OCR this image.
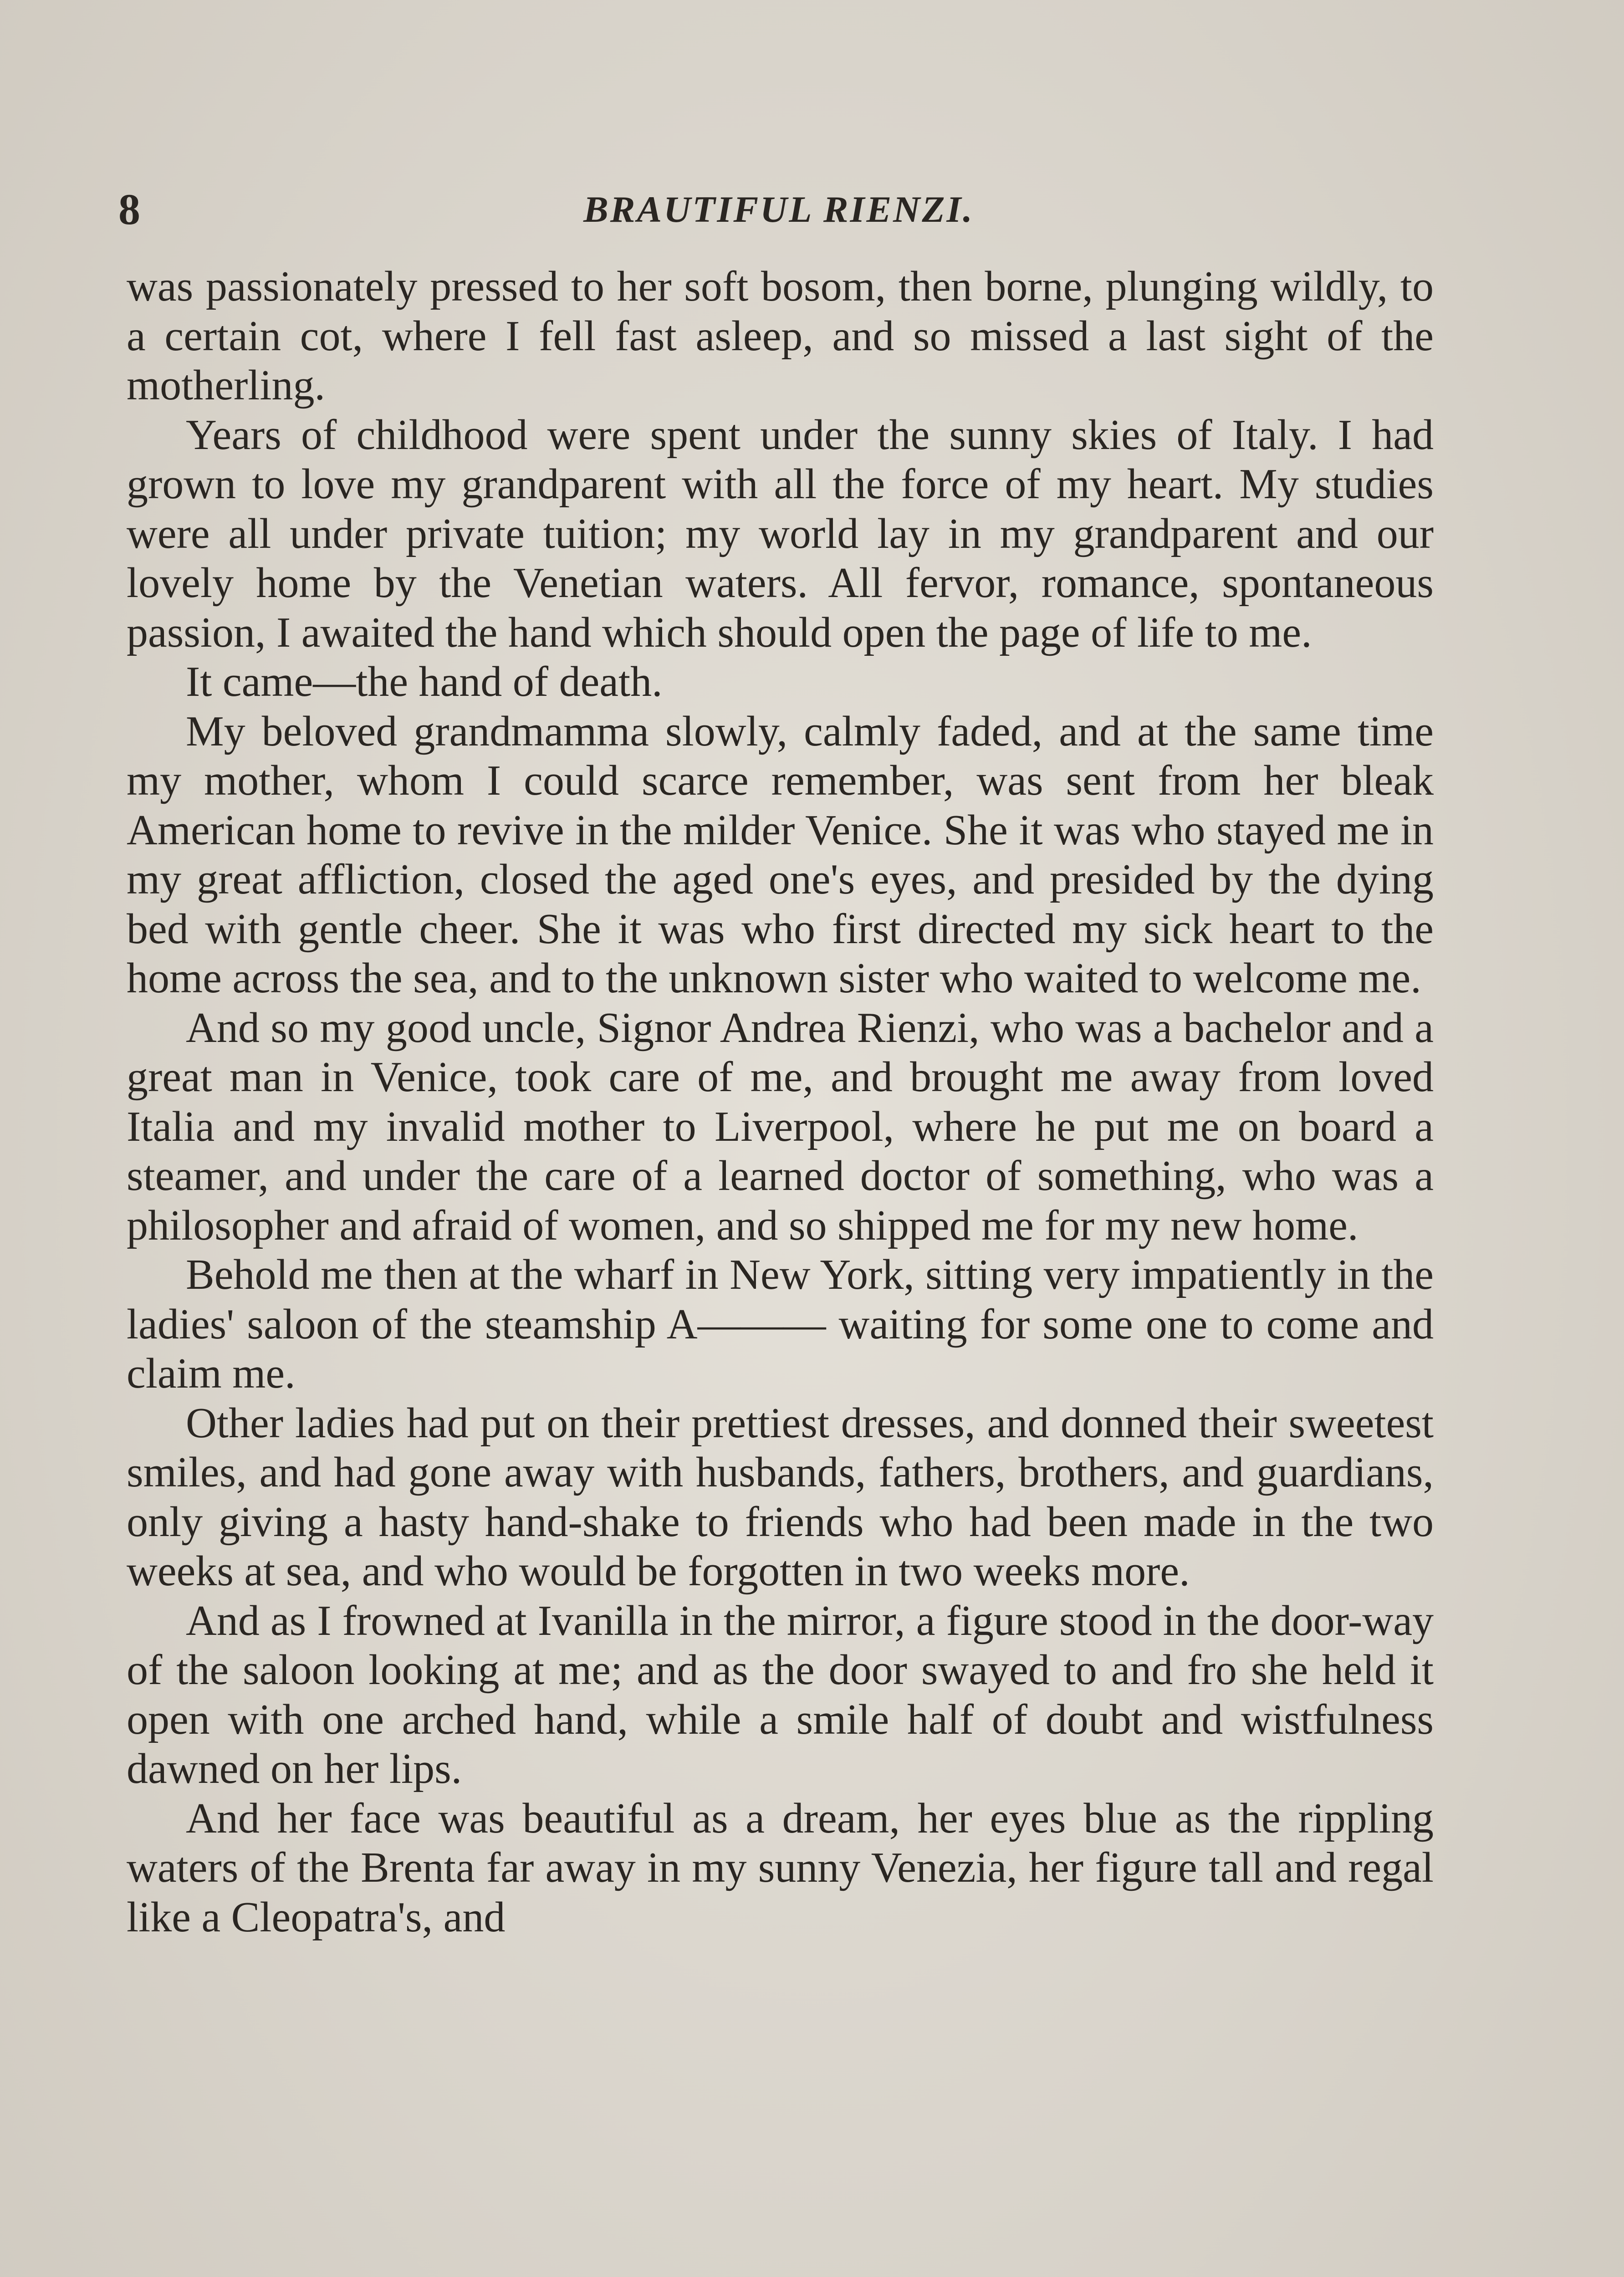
8	BRAUTIFUL RIENZI.

was passionately pressed to her soft bosom, then borne, plunging wildly, to a certain cot, where I fell fast asleep, and so missed a last sight of the motherling.

Years of childhood were spent under the sunny skies of Italy. I had grown to love my grandparent with all the force of my heart. My studies were all under private tuition; my world lay in my grandparent and our lovely home by the Venetian waters. All fervor, romance, spontaneous passion, I awaited the hand which should open the page of life to me.

It came—the hand of death.

My beloved grandmamma slowly, calmly faded, and at the same time my mother, whom I could scarce remember, was sent from her bleak American home to revive in the milder Venice. She it was who stayed me in my great affliction, closed the aged one's eyes, and presided by the dying bed with gentle cheer. She it was who first directed my sick heart to the home across the sea, and to the unknown sister who waited to welcome me.

And so my good uncle, Signor Andrea Rienzi, who was a bachelor and a great man in Venice, took care of me, and brought me away from loved Italia and my invalid mother to Liverpool, where he put me on board a steamer, and under the care of a learned doctor of something, who was a philosopher and afraid of women, and so shipped me for my new home.

Behold me then at the wharf in New York, sitting very impatiently in the ladies' saloon of the steamship A——— waiting for some one to come and claim me.

Other ladies had put on their prettiest dresses, and donned their sweetest smiles, and had gone away with husbands, fathers, brothers, and guardians, only giving a hasty hand-shake to friends who had been made in the two weeks at sea, and who would be forgotten in two weeks more.

And as I frowned at Ivanilla in the mirror, a figure stood in the door-way of the saloon looking at me; and as the door swayed to and fro she held it open with one arched hand, while a smile half of doubt and wistfulness dawned on her lips.

And her face was beautiful as a dream, her eyes blue as the rippling waters of the Brenta far away in my sunny Venezia, her figure tall and regal like a Cleopatra's, and
